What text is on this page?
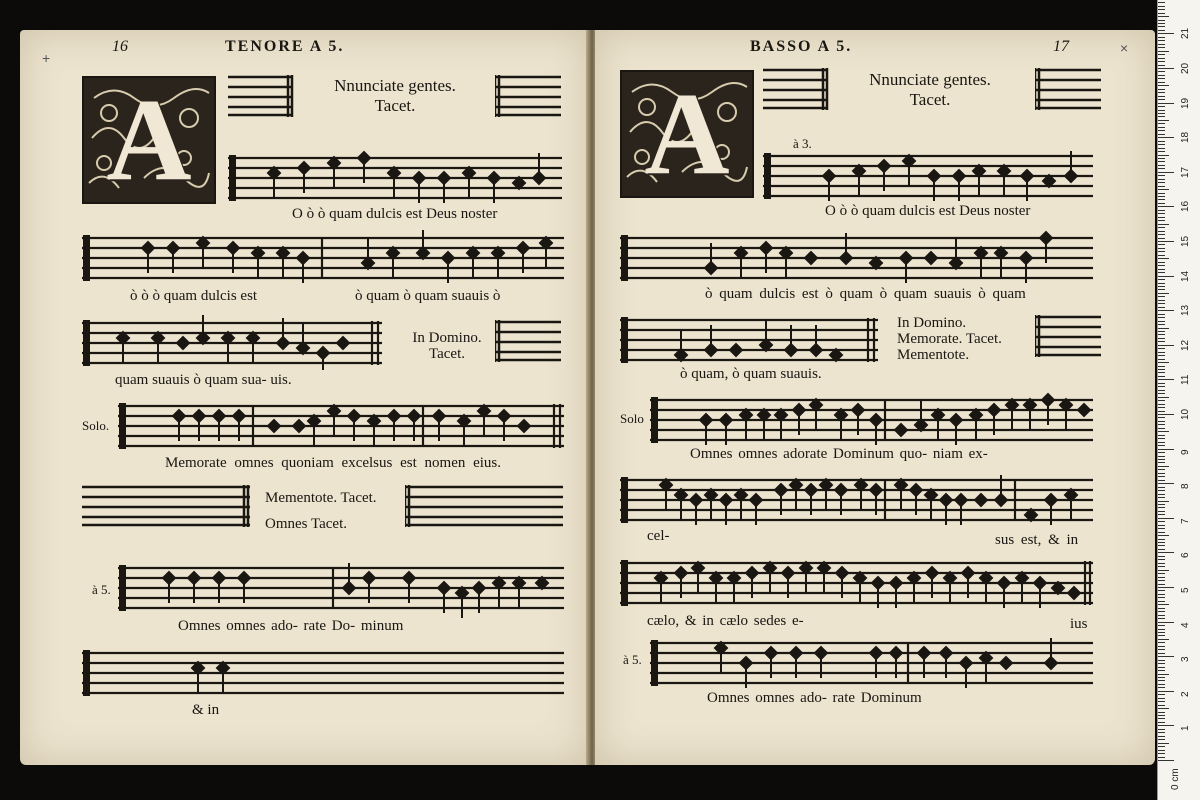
+
16	TENORE A 5.
A	Nnunciate gentes.
Tacet.
O ò ò quam dulcis est Deus noster
ò ò ò quam dulcis est	ò quam ò quam suauis ò
In Domino.
Tacet.
quam suauis ò quam sua- uis.
Solo.
Memorate omnes quoniam excelsus est nomen eius.
Mementote. Tacet.
Omnes Tacet.
à 5.
Omnes omnes ado- rate Do- minum
& in
BASSO A 5.	17	×
A	Nnunciate gentes.
Tacet.
à 3.
O ò ò quam dulcis est Deus noster
ò quam dulcis est ò quam ò quam suauis ò quam
In Domino.
Memorate. Tacet.
Mementote.
ò quam, ò quam suauis.
Solo
Omnes omnes adorate Dominum quo- niam ex-
cel-	sus est, & in
cælo, & in cælo sedes e-	ius
à 5.
Omnes omnes ado- rate Dominum
0 cm
1
2
3
4
5
6
7
8
9
10
11
12
13
14
15
16
17
18
19
20
21
